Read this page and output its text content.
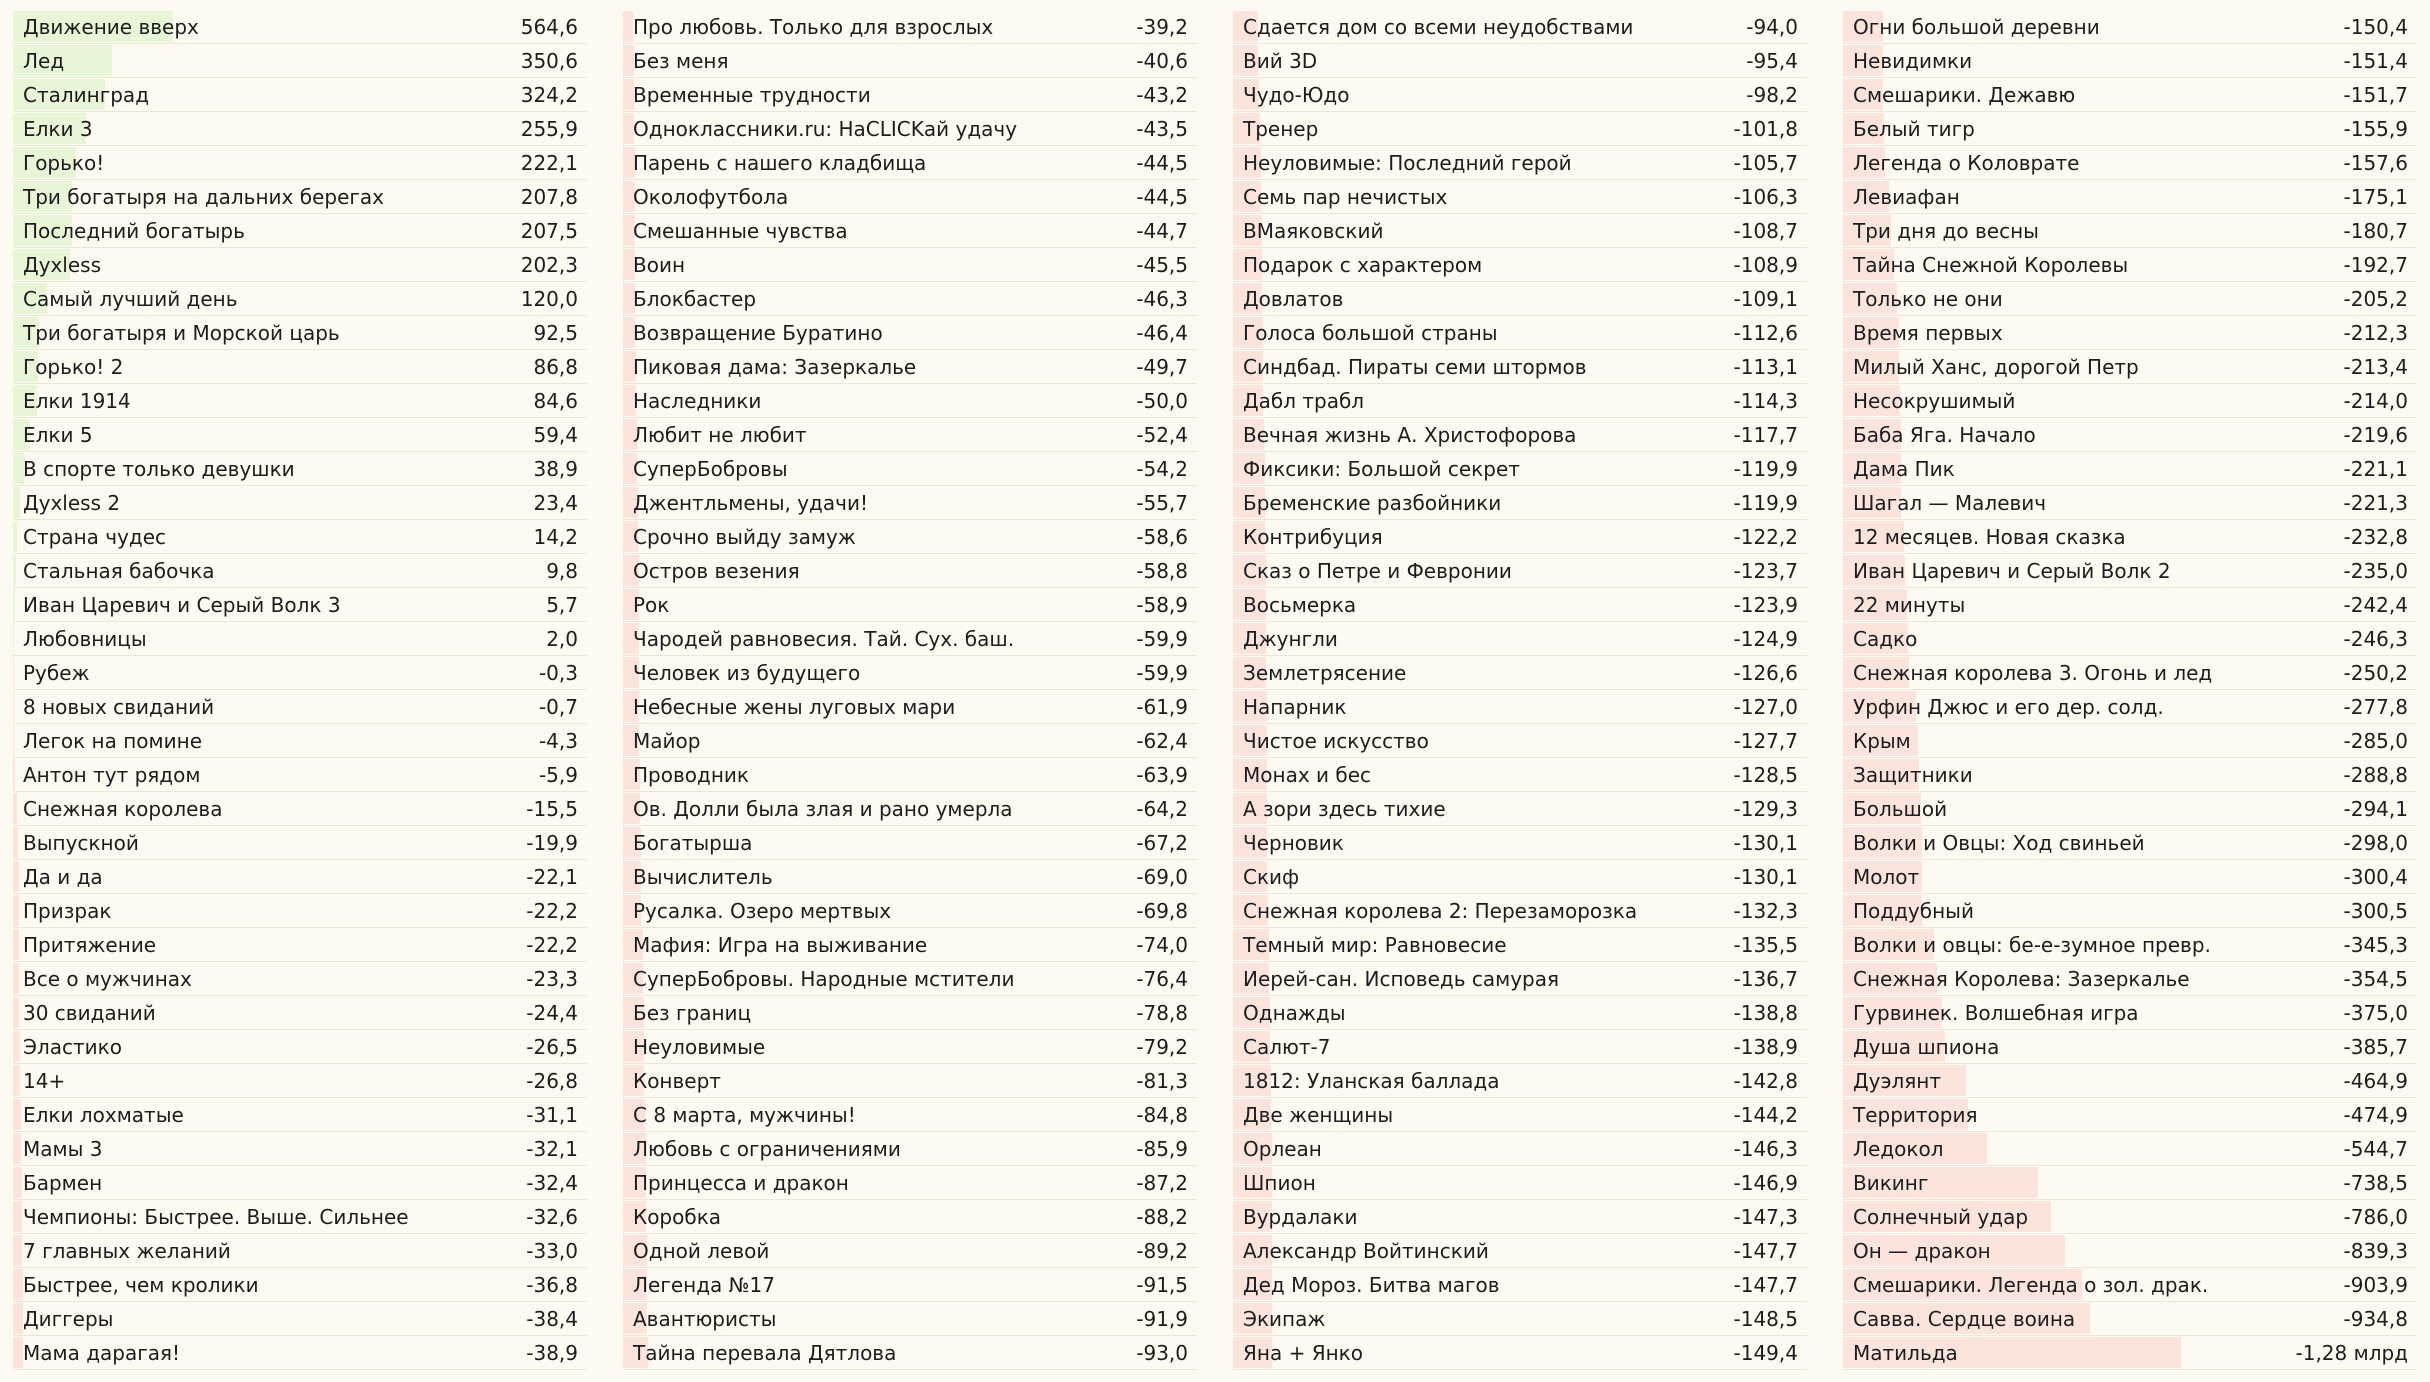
Движение вверх	564,6
Лед	350,6
Сталинград	324,2
Елки 3	255,9
Горько!	222,1
Три богатыря на дальних берегах	207,8
Последний богатырь	207,5
Духless	202,3
Самый лучший день	120,0
Три богатыря и Морской царь	92,5
Горько! 2	86,8
Елки 1914	84,6
Елки 5	59,4
В спорте только девушки	38,9
Духless 2	23,4
Страна чудес	14,2
Стальная бабочка	9,8
Иван Царевич и Серый Волк 3	5,7
Любовницы	2,0
Рубеж	-0,3
8 новых свиданий	-0,7
Легок на помине	-4,3
Антон тут рядом	-5,9
Снежная королева	-15,5
Выпускной	-19,9
Да и да	-22,1
Призрак	-22,2
Притяжение	-22,2
Все о мужчинах	-23,3
30 свиданий	-24,4
Эластико	-26,5
14+	-26,8
Елки лохматые	-31,1
Мамы 3	-32,1
Бармен	-32,4
Чемпионы: Быстрее. Выше. Сильнее	-32,6
7 главных желаний	-33,0
Быстрее, чем кролики	-36,8
Диггеры	-38,4
Мама дарагая!	-38,9
Про любовь. Только для взрослых	-39,2
Без меня	-40,6
Временные трудности	-43,2
Одноклассники.ru: НаCLICKай удачу	-43,5
Парень с нашего кладбища	-44,5
Околофутбола	-44,5
Смешанные чувства	-44,7
Воин	-45,5
Блокбастер	-46,3
Возвращение Буратино	-46,4
Пиковая дама: Зазеркалье	-49,7
Наследники	-50,0
Любит не любит	-52,4
СуперБобровы	-54,2
Джентльмены, удачи!	-55,7
Срочно выйду замуж	-58,6
Остров везения	-58,8
Рок	-58,9
Чародей равновесия. Тай. Сух. баш.	-59,9
Человек из будущего	-59,9
Небесные жены луговых мари	-61,9
Майор	-62,4
Проводник	-63,9
Ов. Долли была злая и рано умерла	-64,2
Богатырша	-67,2
Вычислитель	-69,0
Русалка. Озеро мертвых	-69,8
Мафия: Игра на выживание	-74,0
СуперБобровы. Народные мстители	-76,4
Без границ	-78,8
Неуловимые	-79,2
Конверт	-81,3
С 8 марта, мужчины!	-84,8
Любовь с ограничениями	-85,9
Принцесса и дракон	-87,2
Коробка	-88,2
Одной левой	-89,2
Легенда №17	-91,5
Авантюристы	-91,9
Тайна перевала Дятлова	-93,0
Сдается дом со всеми неудобствами	-94,0
Вий 3D	-95,4
Чудо-Юдо	-98,2
Тренер	-101,8
Неуловимые: Последний герой	-105,7
Семь пар нечистых	-106,3
ВМаяковский	-108,7
Подарок с характером	-108,9
Довлатов	-109,1
Голоса большой страны	-112,6
Синдбад. Пираты семи штормов	-113,1
Дабл трабл	-114,3
Вечная жизнь А. Христофорова	-117,7
Фиксики: Большой секрет	-119,9
Бременские разбойники	-119,9
Контрибуция	-122,2
Сказ о Петре и Февронии	-123,7
Восьмерка	-123,9
Джунгли	-124,9
Землетрясение	-126,6
Напарник	-127,0
Чистое искусство	-127,7
Монах и бес	-128,5
А зори здесь тихие	-129,3
Черновик	-130,1
Скиф	-130,1
Снежная королева 2: Перезаморозка	-132,3
Темный мир: Равновесие	-135,5
Иерей-сан. Исповедь самурая	-136,7
Однажды	-138,8
Салют-7	-138,9
1812: Уланская баллада	-142,8
Две женщины	-144,2
Орлеан	-146,3
Шпион	-146,9
Вурдалаки	-147,3
Александр Войтинский	-147,7
Дед Мороз. Битва магов	-147,7
Экипаж	-148,5
Яна + Янко	-149,4
Огни большой деревни	-150,4
Невидимки	-151,4
Смешарики. Дежавю	-151,7
Белый тигр	-155,9
Легенда о Коловрате	-157,6
Левиафан	-175,1
Три дня до весны	-180,7
Тайна Снежной Королевы	-192,7
Только не они	-205,2
Время первых	-212,3
Милый Ханс, дорогой Петр	-213,4
Несокрушимый	-214,0
Баба Яга. Начало	-219,6
Дама Пик	-221,1
Шагал — Малевич	-221,3
12 месяцев. Новая сказка	-232,8
Иван Царевич и Серый Волк 2	-235,0
22 минуты	-242,4
Садко	-246,3
Снежная королева 3. Огонь и лед	-250,2
Урфин Джюс и его дер. солд.	-277,8
Крым	-285,0
Защитники	-288,8
Большой	-294,1
Волки и Овцы: Ход свиньей	-298,0
Молот	-300,4
Поддубный	-300,5
Волки и овцы: бе-е-зумное превр.	-345,3
Снежная Королева: Зазеркалье	-354,5
Гурвинек. Волшебная игра	-375,0
Душа шпиона	-385,7
Дуэлянт	-464,9
Территория	-474,9
Ледокол	-544,7
Викинг	-738,5
Солнечный удар	-786,0
Он — дракон	-839,3
Смешарики. Легенда о зол. драк.	-903,9
Савва. Сердце воина	-934,8
Матильда	-1,28 млрд
